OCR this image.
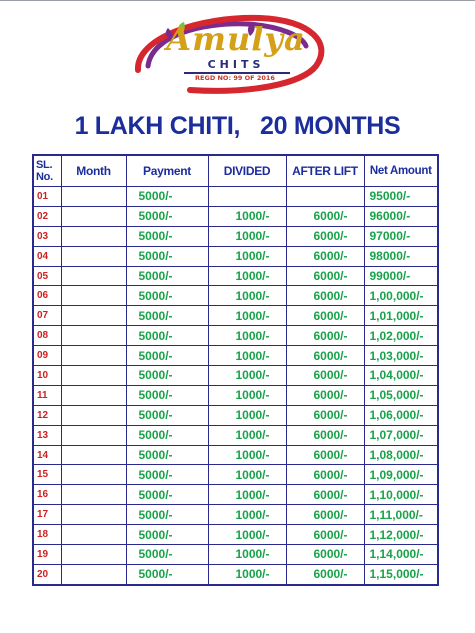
Amulya
CHITS
REGD NO: 99 OF 2016
1 LAKH CHITI,   20 MONTHS
SL.
No.	Month	Payment	DIVIDED	AFTER LIFT	Net Amount
01		5000/-			95000/-
02		5000/-	1000/-	6000/-	96000/-
03		5000/-	1000/-	6000/-	97000/-
04		5000/-	1000/-	6000/-	98000/-
05		5000/-	1000/-	6000/-	99000/-
06		5000/-	1000/-	6000/-	1,00,000/-
07		5000/-	1000/-	6000/-	1,01,000/-
08		5000/-	1000/-	6000/-	1,02,000/-
09		5000/-	1000/-	6000/-	1,03,000/-
10		5000/-	1000/-	6000/-	1,04,000/-
11		5000/-	1000/-	6000/-	1,05,000/-
12		5000/-	1000/-	6000/-	1,06,000/-
13		5000/-	1000/-	6000/-	1,07,000/-
14		5000/-	1000/-	6000/-	1,08,000/-
15		5000/-	1000/-	6000/-	1,09,000/-
16		5000/-	1000/-	6000/-	1,10,000/-
17		5000/-	1000/-	6000/-	1,11,000/-
18		5000/-	1000/-	6000/-	1,12,000/-
19		5000/-	1000/-	6000/-	1,14,000/-
20		5000/-	1000/-	6000/-	1,15,000/-
